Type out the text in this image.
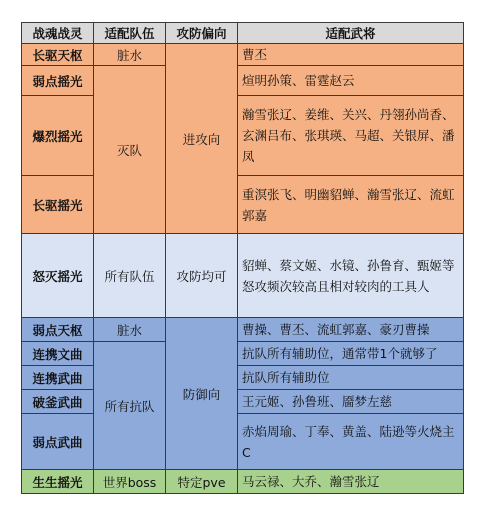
战魂战灵	适配队伍	攻防偏向	适配武将
长驱天枢	脏水	进攻向	曹丕
弱点摇光	灭队		煊明孙策、雷霆赵云
爆烈摇光			瀚雪张辽、姜维、关兴、丹翎孙尚香、玄渊吕布、张琪瑛、马超、关银屏、潘凤
长驱摇光			重溟张飞、明幽貂蝉、瀚雪张辽、流虹郭嘉
怒灭摇光	所有队伍	攻防均可	貂蝉、蔡文姬、水镜、孙鲁育、甄姬等怒攻频次较高且相对较肉的工具人
弱点天枢	脏水	防御向	曹操、曹丕、流虹郭嘉、豪刃曹操
连携文曲	所有抗队		抗队所有辅助位，通常带1个就够了
连携武曲			抗队所有辅助位
破釜武曲			王元姬、孙鲁班、靥梦左慈
弱点武曲			赤焰周瑜、丁奉、黄盖、陆逊等火烧主C
生生摇光	世界boss	特定pve	马云禄、大乔、瀚雪张辽
